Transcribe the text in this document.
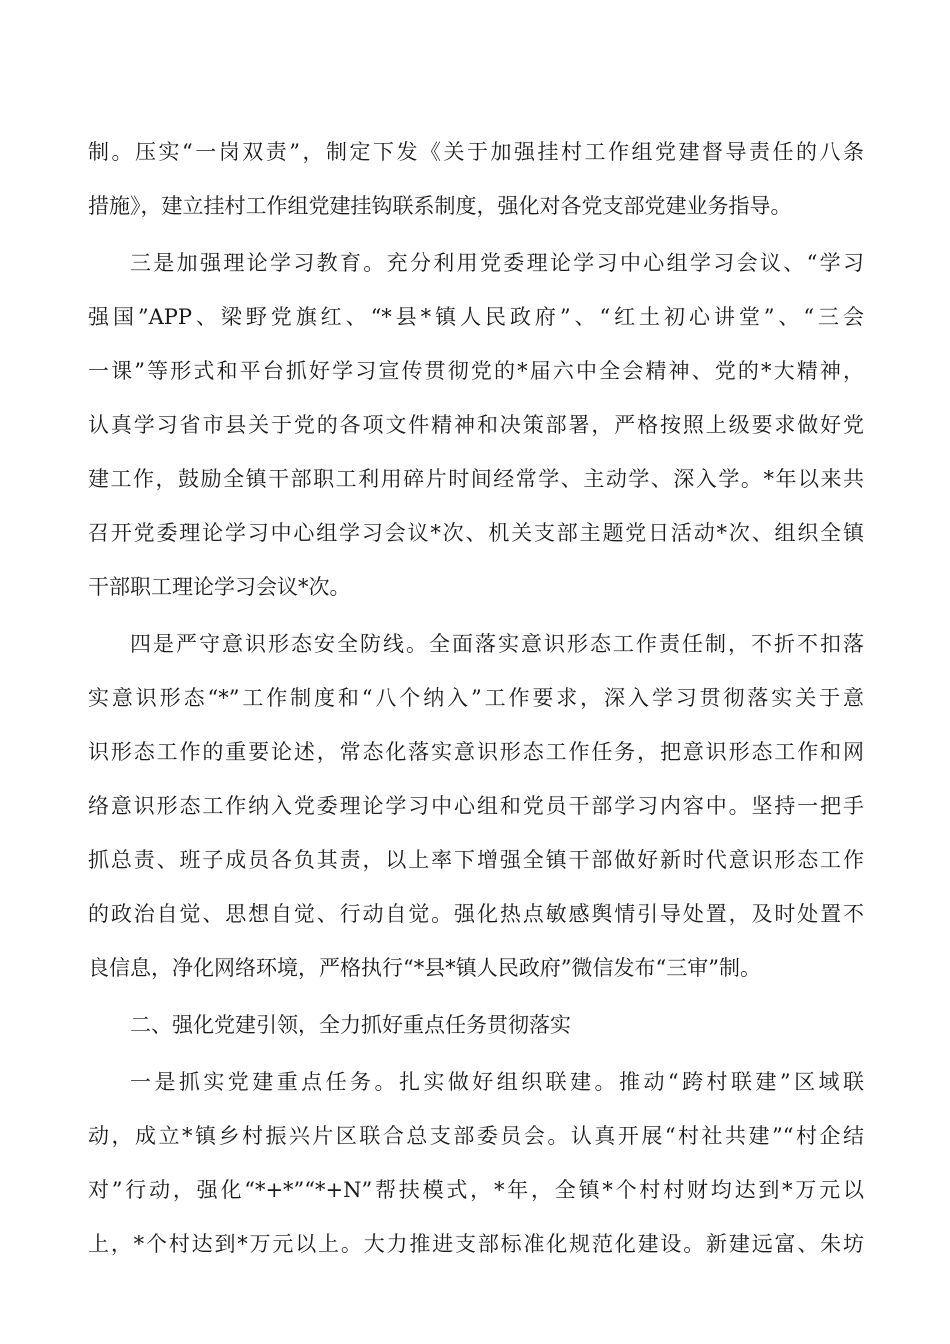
制。压实“一岗双责”，制定下发《关于加强挂村工作组党建督导责任的八条
措施》，建立挂村工作组党建挂钩联系制度，强化对各党支部党建业务指导。
三是加强理论学习教育。充分利用党委理论学习中心组学习会议、“学习
强国”APP、梁野党旗红、“*县*镇人民政府”、“红土初心讲堂”、“三会
一课”等形式和平台抓好学习宣传贯彻党的*届六中全会精神、党的*大精神，
认真学习省市县关于党的各项文件精神和决策部署，严格按照上级要求做好党
建工作，鼓励全镇干部职工利用碎片时间经常学、主动学、深入学。*年以来共
召开党委理论学习中心组学习会议*次、机关支部主题党日活动*次、组织全镇
干部职工理论学习会议*次。
四是严守意识形态安全防线。全面落实意识形态工作责任制，不折不扣落
实意识形态“*”工作制度和“八个纳入”工作要求，深入学习贯彻落实关于意
识形态工作的重要论述，常态化落实意识形态工作任务，把意识形态工作和网
络意识形态工作纳入党委理论学习中心组和党员干部学习内容中。坚持一把手
抓总责、班子成员各负其责，以上率下增强全镇干部做好新时代意识形态工作
的政治自觉、思想自觉、行动自觉。强化热点敏感舆情引导处置，及时处置不
良信息，净化网络环境，严格执行“*县*镇人民政府”微信发布“三审”制。
二、强化党建引领，全力抓好重点任务贯彻落实
一是抓实党建重点任务。扎实做好组织联建。推动“跨村联建”区域联
动，成立*镇乡村振兴片区联合总支部委员会。认真开展“村社共建”“村企结
对”行动，强化“*+*”“*+N”帮扶模式，*年，全镇*个村村财均达到*万元以
上，*个村达到*万元以上。大力推进支部标准化规范化建设。新建远富、朱坊
